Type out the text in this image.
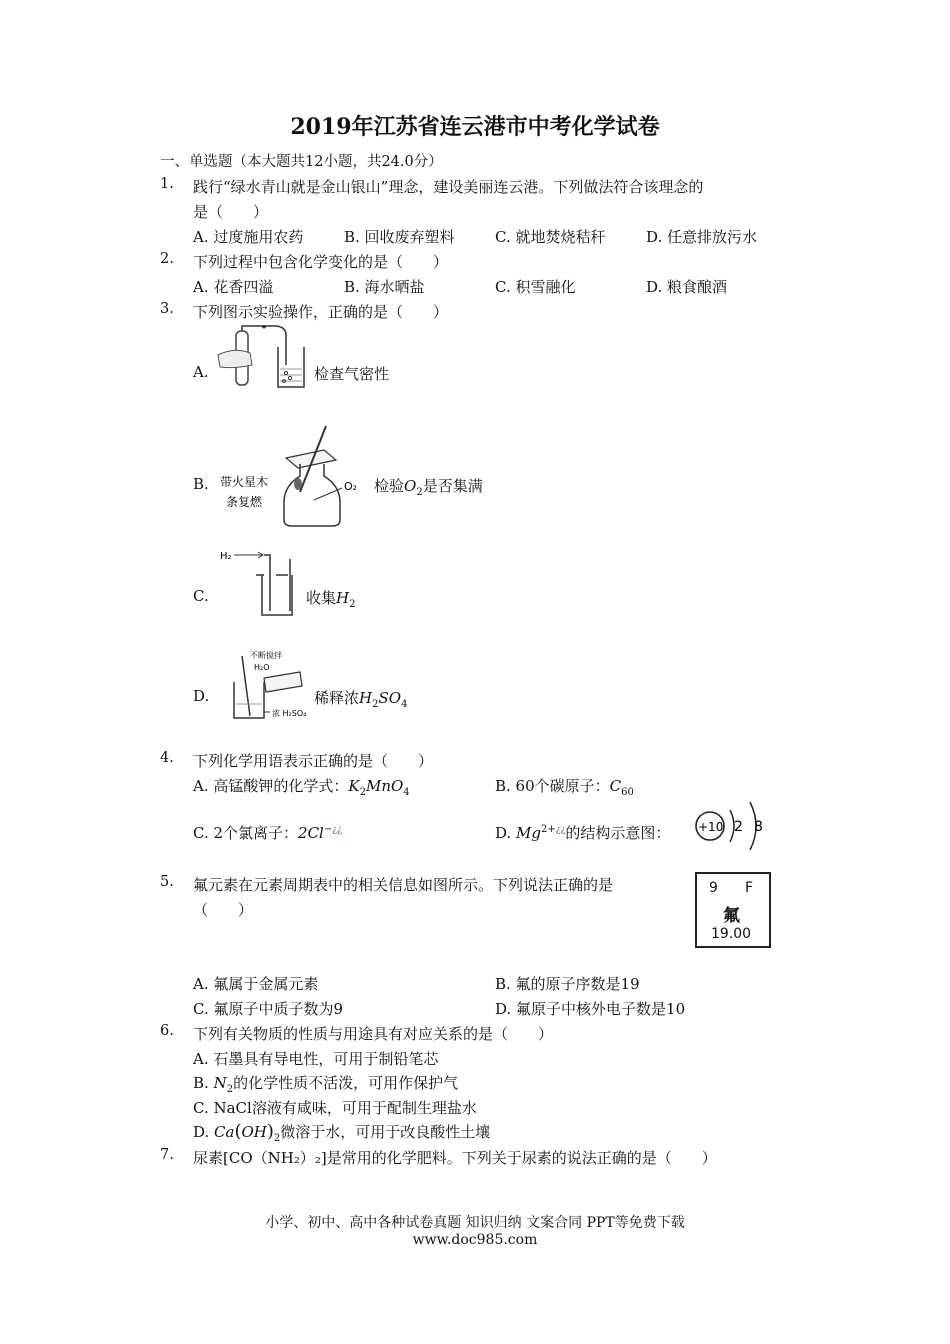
2019年江苏省连云港市中考化学试卷
一、单选题（本大题共12小题，共24.0分）
1. 践行“绿水青山就是金山银山”理念，建设美丽连云港。下列做法符合该理念的
是（　　）
A. 过度施用农药	B. 回收废弃塑料	C. 就地焚烧秸秆	D. 任意排放污水
2. 下列过程中包含化学变化的是（　　）
A. 花香四溢	B. 海水晒盐	C. 积雪融化	D. 粮食酿酒
3. 下列图示实验操作，正确的是（　　）
A.	检查气密性
B. 带火星木
条复燃
O₂ 检验$O_2$是否集满
C.
H₂
收集$H_2$
D.
不断搅拌
H₂O
浓 H₂SO₄
稀释浓$H_2SO_4$
4. 下列化学用语表示正确的是（　　）
A. 高锰酸钾的化学式：$K_2MnO_4$	B. 60个碳原子：$C_{60}$
C. 2个氯离子：2Cl−¿¿	D. $Mg^{2+¿¿}$的结构示意图： +10 2 8
5. 氟元素在元素周期表中的相关信息如图所示。下列说法正确的是
（　　）
9 F
氟
19.00
A. 氟属于金属元素	B. 氟的原子序数是19
C. 氟原子中质子数为9	D. 氟原子中核外电子数是10
6. 下列有关物质的性质与用途具有对应关系的是（　　）
A. 石墨具有导电性，可用于制铅笔芯
B. $N_2$的化学性质不活泼，可用作保护气
C. NaCl溶液有咸味，可用于配制生理盐水
D. $Ca(OH)_2$微溶于水，可用于改良酸性土壤
7. 尿素[CO（NH₂）₂]是常用的化学肥料。下列关于尿素的说法正确的是（　　）
小学、初中、高中各种试卷真题 知识归纳 文案合同 PPT等免费下载
www.doc985.com
